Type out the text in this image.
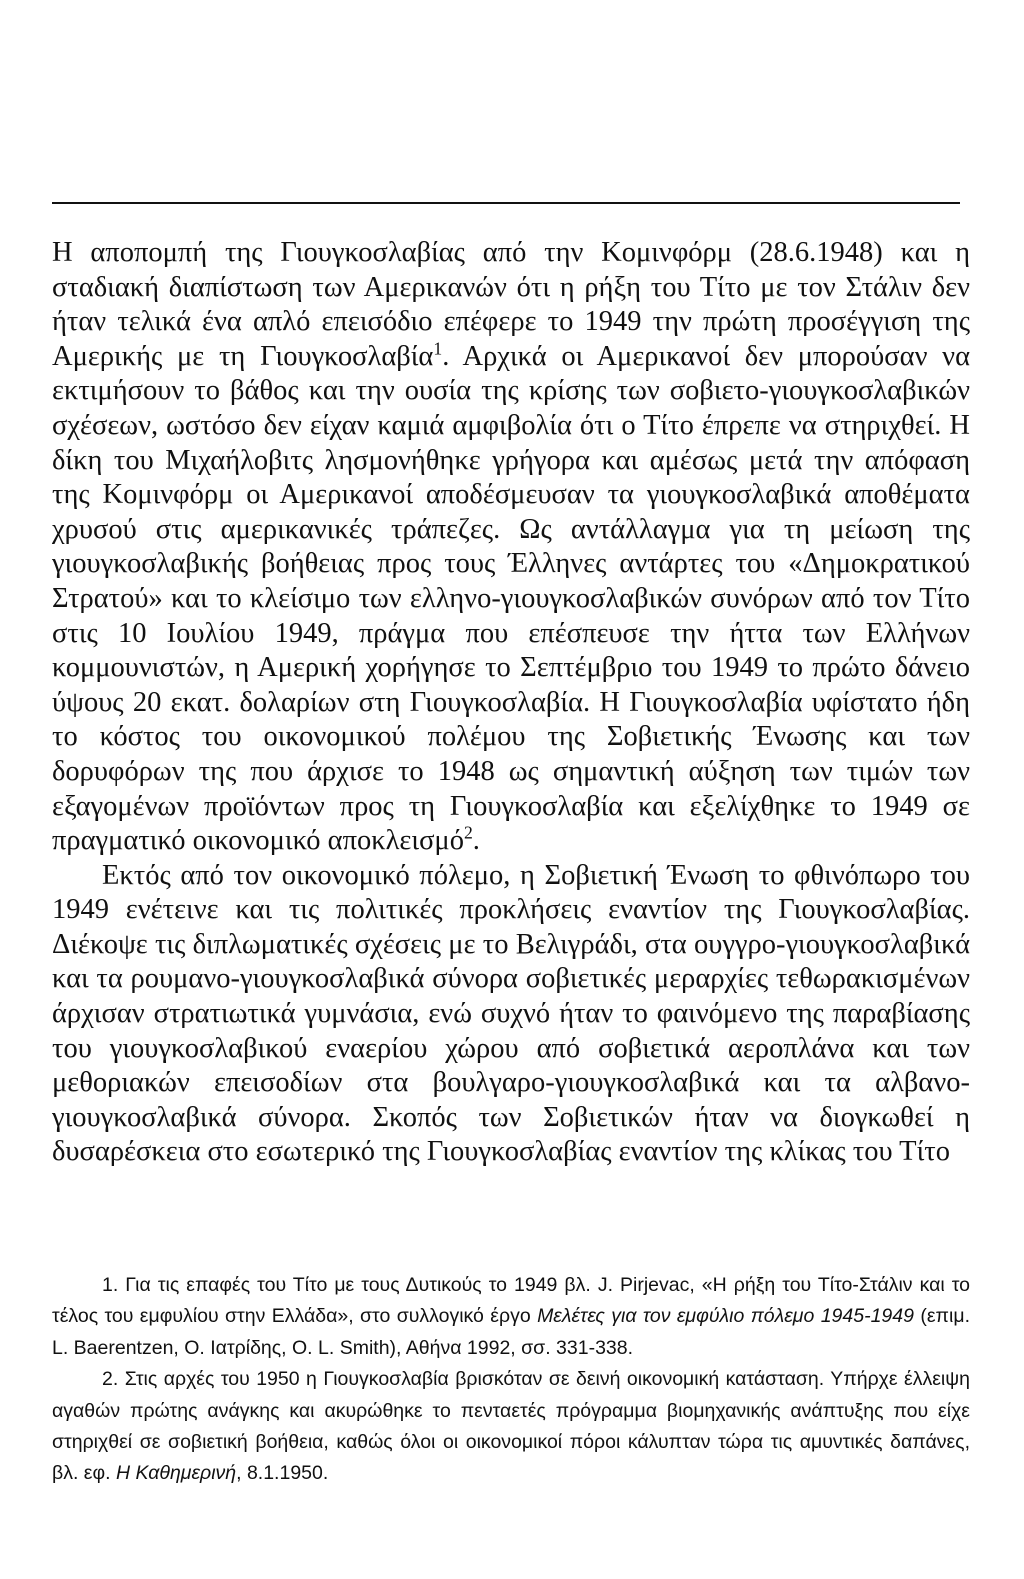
Η αποπομπή της Γιουγκοσλαβίας από την Κομινφόρμ (28.6.1948) και η σταδιακή διαπίστωση των Αμερικανών ότι η ρήξη του Τίτο με τον Στάλιν δεν ήταν τελικά ένα απλό επεισόδιο επέφερε το 1949 την πρώτη προσέγγιση της Αμερικής με τη Γιουγκοσλαβία$^1$. Αρχικά οι Αμερικανοί δεν μπορούσαν να εκτιμήσουν το βάθος και την ουσία της κρίσης των σοβιετο-γιουγκοσλαβικών σχέσεων, ωστόσο δεν είχαν καμιά αμφιβολία ότι ο Τίτο έπρεπε να στηριχθεί. Η δίκη του Μιχαήλοβιτς λησμονήθηκε γρήγορα και αμέσως μετά την απόφαση της Κομινφόρμ οι Αμερικανοί αποδέσμευσαν τα γιουγκοσλαβικά αποθέματα χρυσού στις αμερικανικές τράπεζες. Ως αντάλλαγμα για τη μείωση της γιουγκοσλαβικής βοήθειας προς τους Έλληνες αντάρτες του «Δημοκρατικού Στρατού» και το κλείσιμο των ελληνο-γιουγκοσλαβικών συνόρων από τον Τίτο στις 10 Ιουλίου 1949, πράγμα που επέσπευσε την ήττα των Ελλήνων κομμουνιστών, η Αμερική χορήγησε το Σεπτέμβριο του 1949 το πρώτο δάνειο ύψους 20 εκατ. δολαρίων στη Γιουγκοσλαβία. Η Γιουγκοσλαβία υφίστατο ήδη το κόστος του οικονομικού πολέμου της Σοβιετικής Ένωσης και των δορυφόρων της που άρχισε το 1948 ως σημαντική αύξηση των τιμών των εξαγομένων προϊόντων προς τη Γιουγκοσλαβία και εξελίχθηκε το 1949 σε πραγματικό οικονομικό αποκλεισμό$^2$.

Εκτός από τον οικονομικό πόλεμο, η Σοβιετική Ένωση το φθινόπωρο του 1949 ενέτεινε και τις πολιτικές προκλήσεις εναντίον της Γιουγκοσλαβίας. Διέκοψε τις διπλωματικές σχέσεις με το Βελιγράδι, στα ουγγρο-γιουγκοσλαβικά και τα ρουμανο-γιουγκοσλαβικά σύνορα σοβιετικές μεραρχίες τεθωρακισμένων άρχισαν στρατιωτικά γυμνάσια, ενώ συχνό ήταν το φαινόμενο της παραβίασης του γιουγκοσλαβικού εναερίου χώρου από σοβιετικά αεροπλάνα και των μεθοριακών επεισοδίων στα βουλγαρο-γιουγκοσλαβικά και τα αλβανο-γιουγκοσλαβικά σύνορα. Σκοπός των Σοβιετικών ήταν να διογκωθεί η δυσαρέσκεια στο εσωτερικό της Γιουγκοσλαβίας εναντίον της κλίκας του Τίτο

1. Για τις επαφές του Τίτο με τους Δυτικούς το 1949 βλ. J. Pirjevac, «Η ρήξη του Τίτο-Στάλιν και το τέλος του εμφυλίου στην Ελλάδα», στο συλλογικό έργο Μελέτες για τον εμφύλιο πόλεμο 1945-1949 (επιμ. L. Baerentzen, Ο. Ιατρίδης, Ο. L. Smith), Αθήνα 1992, σσ. 331-338.

2. Στις αρχές του 1950 η Γιουγκοσλαβία βρισκόταν σε δεινή οικονομική κατάσταση. Υπήρχε έλλειψη αγαθών πρώτης ανάγκης και ακυρώθηκε το πενταετές πρόγραμμα βιομηχανικής ανάπτυξης που είχε στηριχθεί σε σοβιετική βοήθεια, καθώς όλοι οι οικονομικοί πόροι κάλυπταν τώρα τις αμυντικές δαπάνες, βλ. εφ. Η Καθημερινή, 8.1.1950.
